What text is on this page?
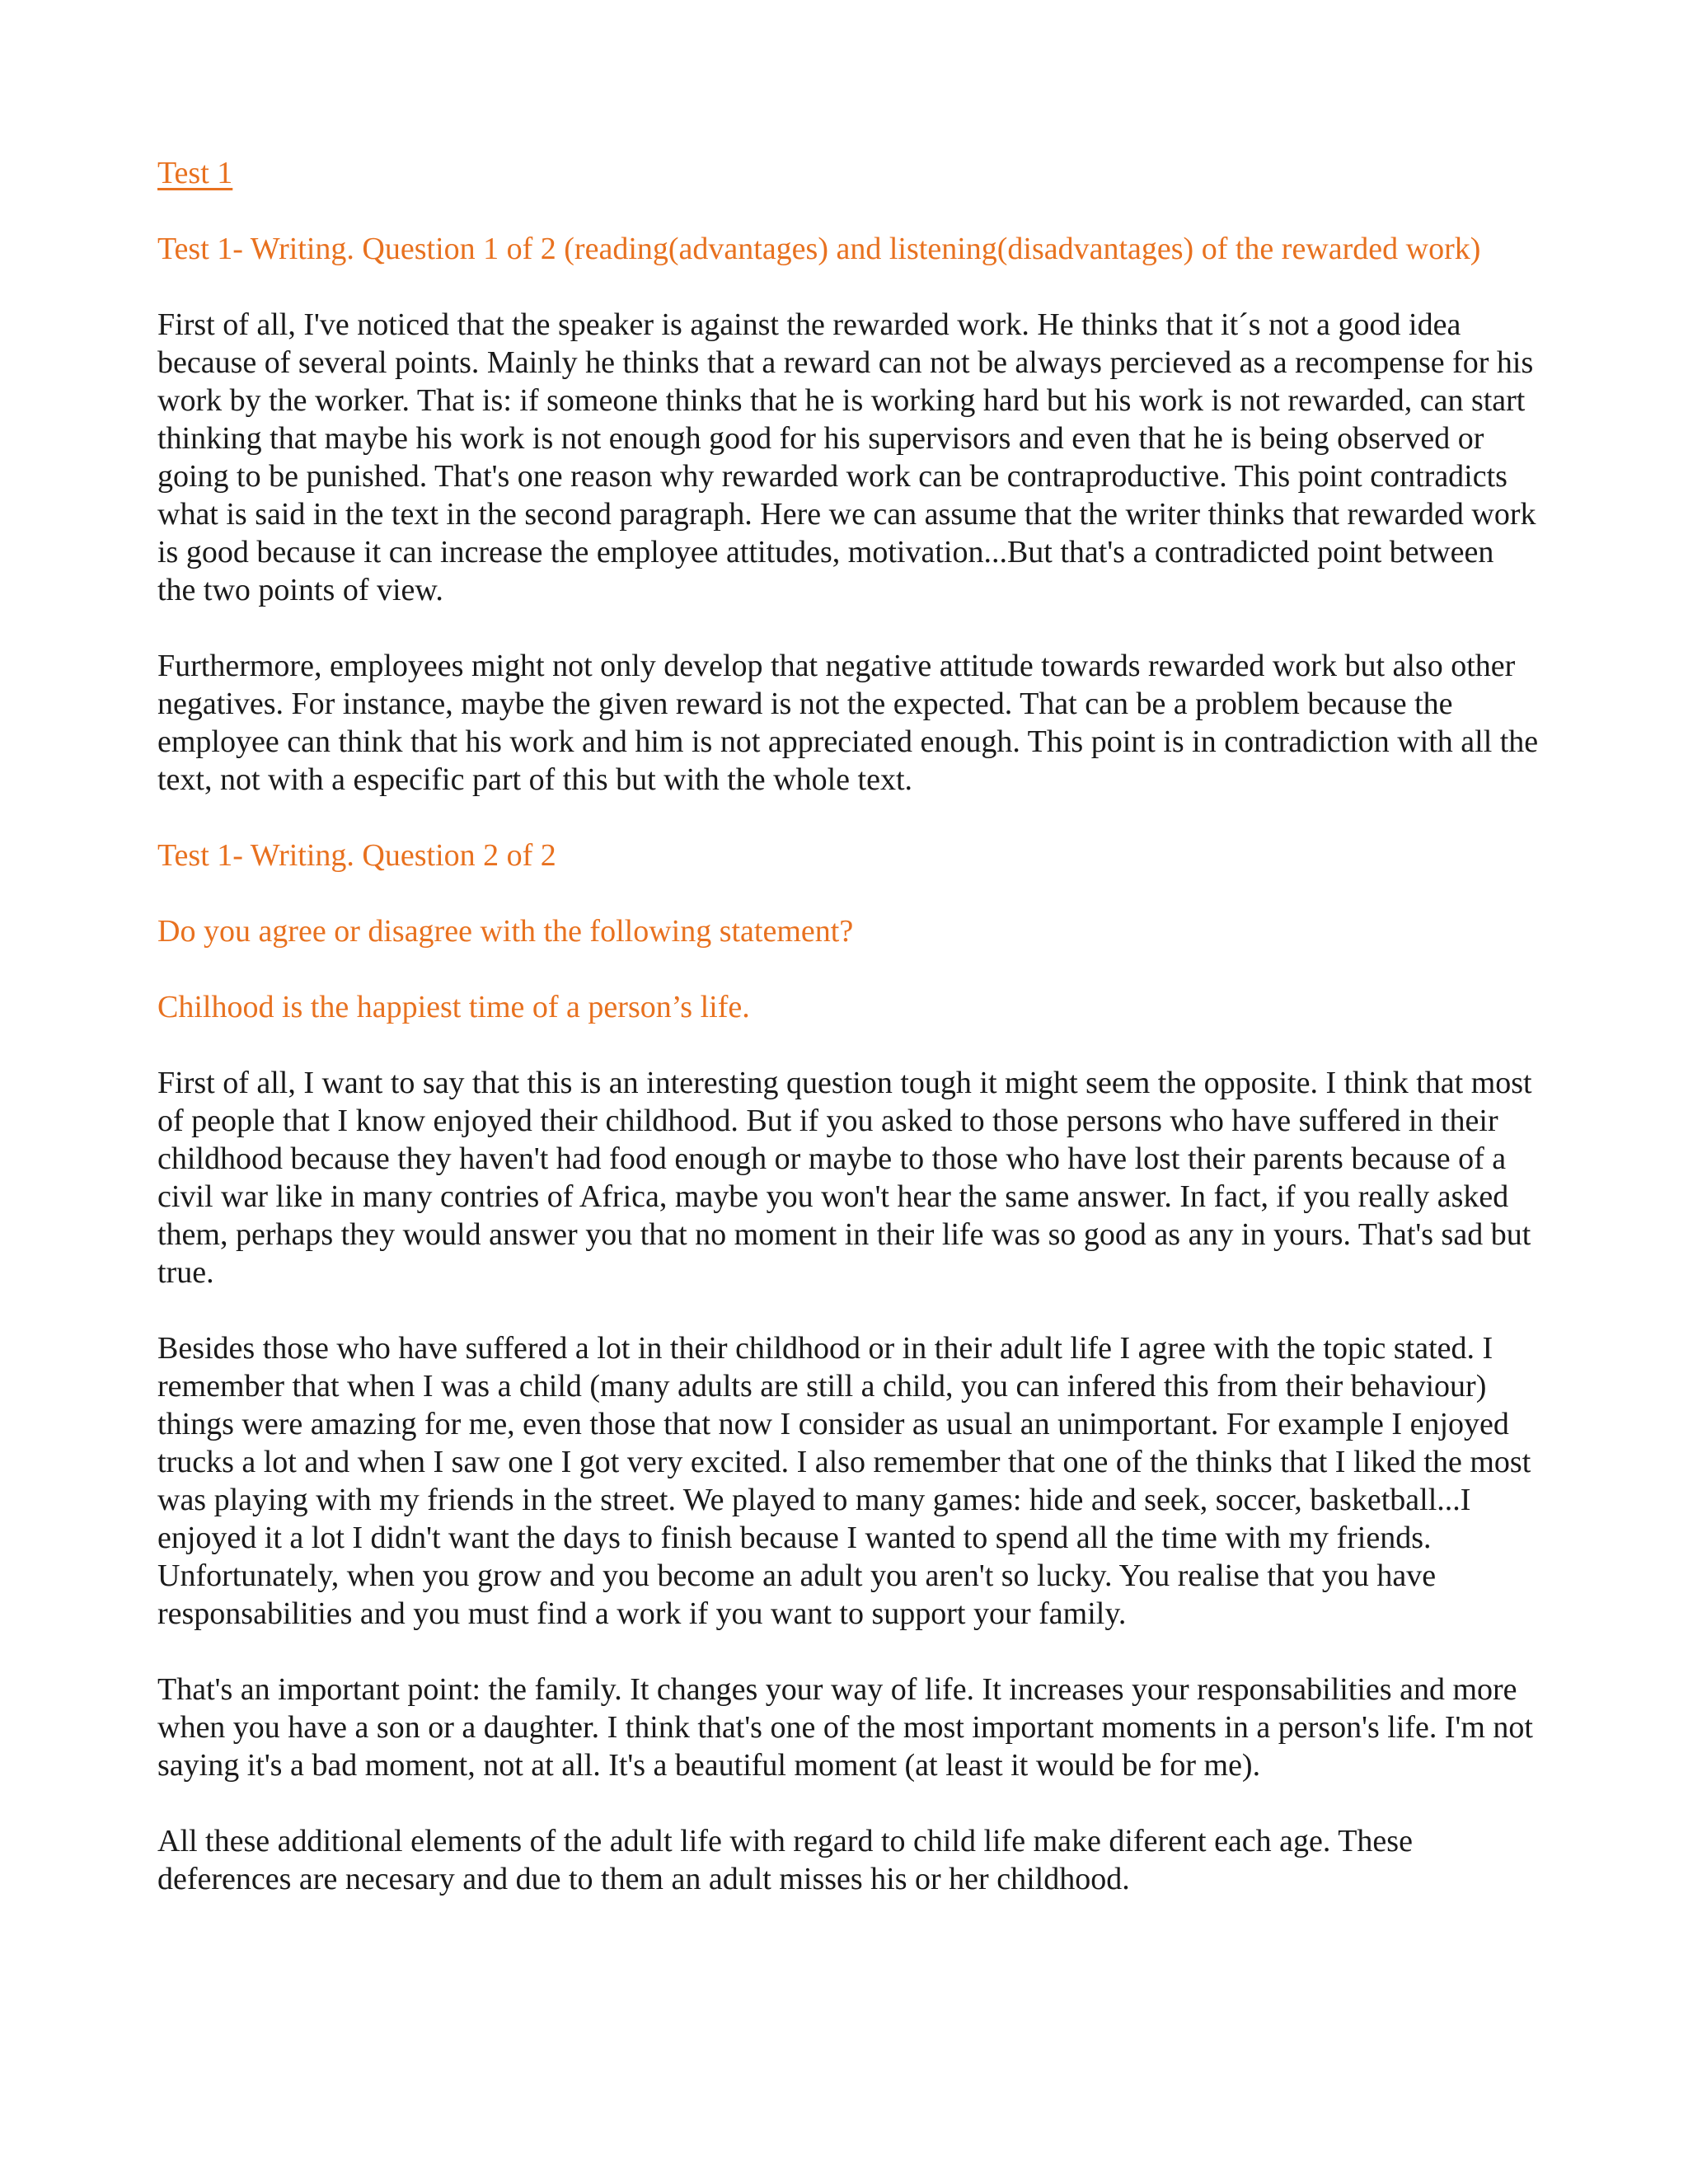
Test 1

Test 1- Writing. Question 1 of 2 (reading(advantages) and listening(disadvantages) of the rewarded work)

First of all, I've noticed that the speaker is against the rewarded work. He thinks that it´s not a good idea because of several points. Mainly he thinks that a reward can not be always percieved as a recompense for his work by the worker. That is: if someone thinks that he is working hard but his work is not rewarded, can start thinking that maybe his work is not enough good for his supervisors and even that he is being observed or going to be punished. That's one reason why rewarded work can be contraproductive. This point contradicts what is said in the text in the second paragraph. Here we can assume that the writer thinks that rewarded work is good because it can increase the employee attitudes, motivation...But that's a contradicted point between the two points of view.

Furthermore, employees might not only develop that negative attitude towards rewarded work but also other negatives. For instance, maybe the given reward is not the expected. That can be a problem because the employee can think that his work and him is not appreciated enough. This point is in contradiction with all the text, not with a especific part of this but with the whole text.

Test 1- Writing. Question 2 of 2

Do you agree or disagree with the following statement?

Chilhood is the happiest time of a person’s life.

First of all, I want to say that this is an interesting question tough it might seem the opposite. I think that most of people that I know enjoyed their childhood. But if you asked to those persons who have suffered in their childhood because they haven't had food enough or maybe to those who have lost their parents because of a civil war like in many contries of Africa, maybe you won't hear the same answer. In fact, if you really asked them, perhaps they would answer you that no moment in their life was so good as any in yours. That's sad but true.

Besides those who have suffered a lot in their childhood or in their adult life I agree with the topic stated. I remember that when I was a child (many adults are still a child, you can infered this from their behaviour) things were amazing for me, even those that now I consider as usual an unimportant. For example I enjoyed trucks a lot and when I saw one I got very excited. I also remember that one of the thinks that I liked the most was playing with my friends in the street. We played to many games: hide and seek, soccer, basketball...I enjoyed it a lot I didn't want the days to finish because I wanted to spend all the time with my friends. Unfortunately, when you grow and you become an adult you aren't so lucky. You realise that you have responsabilities and you must find a work if you want to support your family.

That's an important point: the family. It changes your way of life. It increases your responsabilities and more when you have a son or a daughter. I think that's one of the most important moments in a person's life. I'm not saying it's a bad moment, not at all. It's a beautiful moment (at least it would be for me).

All these additional elements of the adult life with regard to child life make diferent each age. These deferences are necesary and due to them an adult misses his or her childhood.
